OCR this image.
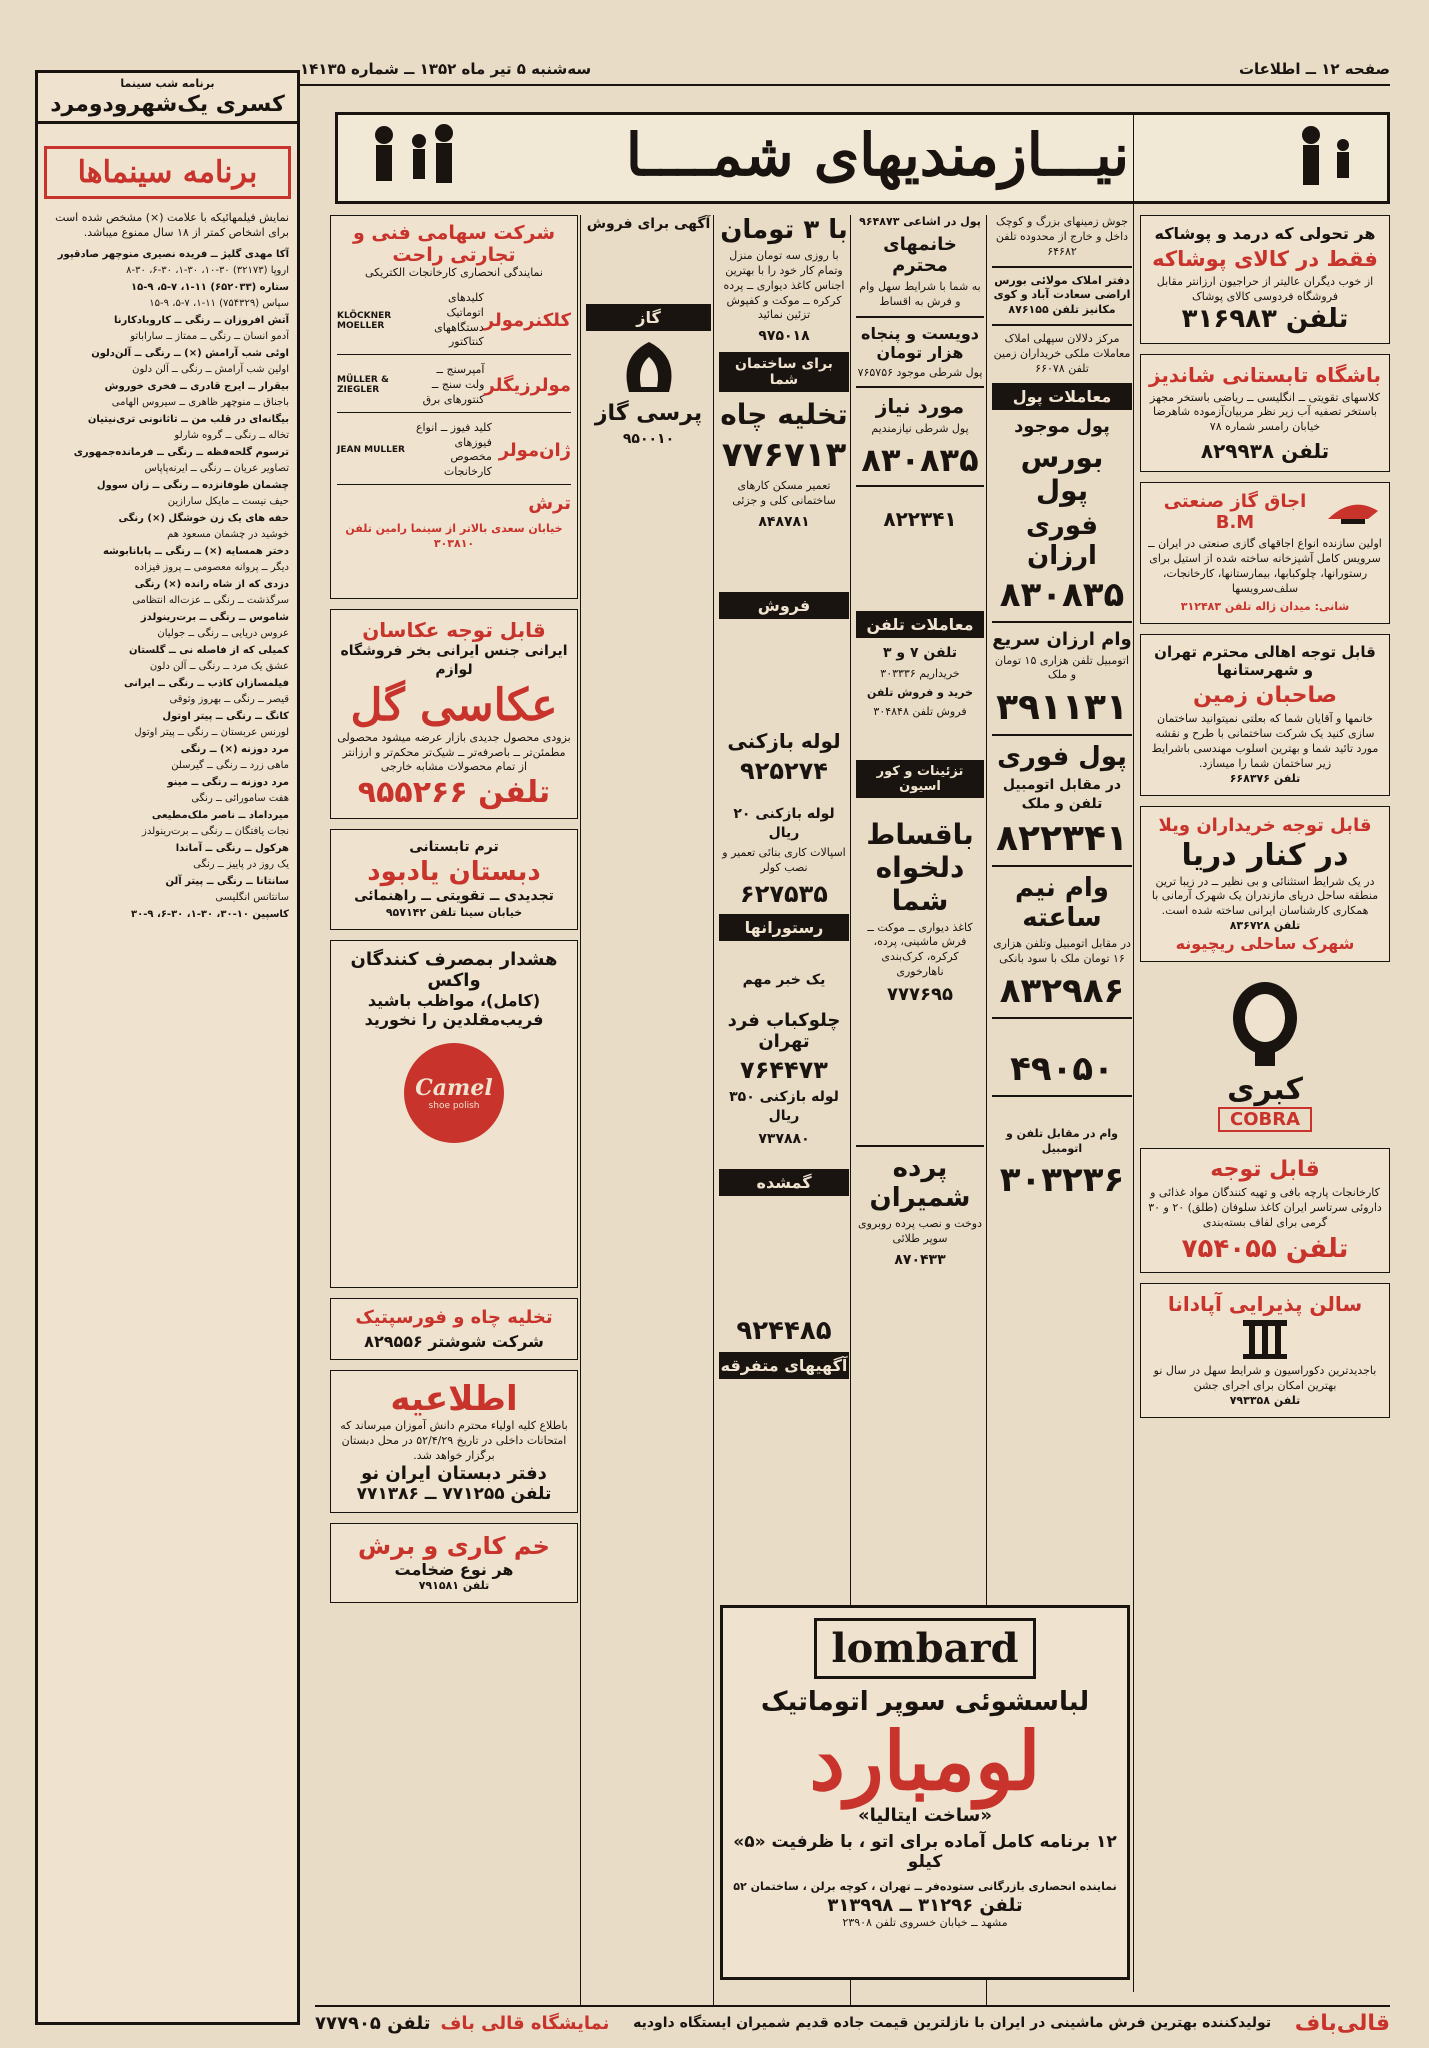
صفحه ۱۲ ــ اطلاعات
سه‌شنبه ۵ تیر ماه ۱۳۵۲ ــ شماره ۱۴۱۳۵
نیـــازمندیهای شمــــا
برنامه شب سینما
کسری یک‌شهرودومرد
برنامه سینماها
نمایش فیلمهائیکه با علامت (×) مشخص شده است برای اشخاص کمتر از ۱۸ سال ممنوع میباشد.
آکا مهدی گلپژ ــ فریده نصیری منوچهر صادقپور
اروپا (۳۲۱۷۳) ۳۰-۱۰، ۳۰-۱، ۳۰-۶، ۳۰-۸
ستاره (۶۵۲۰۳۳) ۱۱-۱، ۷-۵، ۹-۱۵
سپاس (۷۵۴۳۲۹) ۱۱-۱، ۷-۵، ۹-۱۵
آتش افروزان ــ رنگی ــ کاروبادکارنا
آدمو انسان ــ رنگی ــ ممتاز ــ ساراباتو
اوئی شب آرامش (×) ــ رنگی ــ آلن‌دلون
اولین شب آرامش ــ رنگی ــ آلن دلون
بیقرار ــ ایرج قادری ــ فخری خوروش
باجناق ــ منوچهر ظاهری ــ سیروس الهامی
بیگانه‌ای در قلب من ــ تاثانونی تری‌نیتیان
تخاله ــ رنگی ــ گروه شارلو
ترسوم گلحه‌فظه ــ رنگی ــ فرمانده‌جمهوری
تصاویر عریان ــ رنگی ــ ایرنه‌پاپاس
چشمان طوفانزده ــ رنگی ــ زان سوول
حیف نیست ــ مایکل سارازین
حفه های یک زن خوشگل (×) رنگی
خوشید در چشمان مسعود هم
دختر همسایه (×) ــ رنگی ــ پابانابوشه
دیگر ــ پروانه معصومی ــ پروز فیزاده
دزدی که از شاه رانده (×) رنگی
سرگذشت ــ رنگی ــ عزت‌اله انتظامی
شاموس ــ رنگی ــ برت‌رینولدز
عروس دریایی ــ رنگی ــ جولیان
کمیلی که از فاصله نی ــ گلستان
عشق یک مرد ــ رنگی ــ آلن دلون
فیلمسازان کاذب ــ رنگی ــ ایرانی
قیصر ــ رنگی ــ بهروز وثوقی
کانگ ــ رنگی ــ پیتر اوتول
لورنس عربستان ــ رنگی ــ پیتر اوتول
مرد دوزنه (×) ــ رنگی
ماهی زرد ــ رنگی ــ گیرسلن
مرد دوزنه ــ رنگی ــ مینو
هفت سامورائی ــ رنگی
میرداماد ــ ناصر ملک‌مطیعی
نجات یافتگان ــ رنگی ــ برت‌رینولدز
هرکول ــ رنگی ــ آماندا
یک روز در پاییز ــ رنگی
سانتانا ــ رنگی ــ پیتر آلن
سانتانس انگلیسی
کاسپین ۱۰-۳۰، ۳۰-۱، ۳۰-۶، ۹-۳۰
هر تحولی که درمد و پوشاکه
فقط در کالای پوشاکه
از خوب دیگران عالیتر از حراجیون ارزانتر مقابل فروشگاه فردوسی کالای پوشاک
تلفن ۳۱۶۹۸۳
باشگاه تابستانی شاندیز
کلاسهای تقویتی ــ انگلیسی ــ ریاضی باستخر مجهز باستخر تصفیه آب زیر نظر مربیان‌آزموده شاهرضا خیابان رامسر شماره ۷۸
تلفن ۸۲۹۹۳۸
اجاق گاز صنعتی B.M
اولین سازنده انواع اجاقهای گازی صنعتی در ایران ــ سرویس کامل آشپزخانه ساخته شده از استیل برای رستورانها، چلوکبابها، بیمارستانها، کارخانجات، سلف‌سرویسها
شانی: میدان ژاله تلفن ۳۱۲۴۸۳
قابل توجه اهالی محترم تهران و شهرستانها
صاحبان زمین
خانمها و آقایان شما که بعلتی نمیتوانید ساختمان سازی کنید یک شرکت ساختمانی با طرح و نقشه مورد تائید شما و بهترین اسلوب مهندسی باشرایط زیر ساختمان شما را میسازد.
تلفن ۶۶۸۳۷۶
قابل توجه خریداران ویلا
در کنار دریا
در یک شرایط استثنائی و بی نظیر ــ در زیبا ترین منطقه ساحل دریای مازندران یک شهرک آرمانی با همکاری کارشناسان ایرانی ساخته شده است.
تلفن ۸۳۶۷۲۸
شهرک ساحلی ریچیونه
کبری
COBRA
قابل توجه
کارخانجات پارچه بافی و تهیه کنندگان مواد غذائی و داروئی سرتاسر ایران کاغذ سلوفان (طلق) ۲۰ و ۳۰ گرمی برای لفاف بسته‌بندی
تلفن ۷۵۴۰۵۵
سالن پذیرایی آپادانا
باجدیدترین دکوراسیون و شرایط سهل در سال نو بهترین امکان برای اجرای جشن
تلفن ۷۹۳۳۵۸

جوش زمینهای بزرگ و کوچک داخل و خارج از محدوده تلفن ۶۴۶۸۲

دفتر املاک مولائی بورس اراضی سعادت آباد و کوی مکانیز تلفن ۸۷۶۱۵۵

مرکز دلالان سپهلی املاک معاملات ملکی خریداران زمین تلفن ۶۶۰۷۸

معاملات پول

پول موجود

بورس پول

فوری ارزان

۸۳۰۸۳۵

وام ارزان سریع

اتومبیل تلفن هزاری ۱۵ تومان و ملک

۳۹۱۱۳۱

پول فوری

در مقابل اتومبیل تلفن و ملک

۸۲۲۳۴۱

وام نیم ساعته

در مقابل اتومبیل وتلفن هزاری ۱۶ تومان ملک با سود بانکی

۸۳۲۹۸۶

۴۹۰۵۰

وام در مقابل تلفن و اتومبیل

۳۰۳۲۳۶

پول در اشاعی ۹۶۴۸۷۳

خانمهای محترم

به شما با شرایط سهل وام و فرش به اقساط

دویست و پنجاه هزار تومان

پول شرطی موجود ۷۶۵۷۵۶

مورد نیاز

پول شرطی نیازمندیم

۸۳۰۸۳۵

۸۲۲۳۴۱

معاملات تلفن

تلفن ۷ و ۳

خریداریم ۳۰۳۳۳۶

خرید و فروش تلفن

فروش تلفن ۳۰۴۸۴۸

تزئینات و کور اسیون

باقساط دلخواه شما

کاغذ دیواری ــ موکت ــ فرش ماشینی، پرده، کرکره، کرک‌بندی ناهارخوری

۷۷۷۶۹۵

پرده شمیران

دوخت و نصب پرده روبروی سوپر طلائی

۸۷۰۴۳۳

با ۳ تومان

با روزی سه تومان منزل وتمام کار خود را با بهترین اجناس کاغذ دیواری ــ پرده کرکره ــ موکت و کفپوش تزئین نمائید

۹۷۵۰۱۸

برای ساختمان شما

تخلیه چاه

۷۷۶۷۱۳

تعمیر مسکن کارهای ساختمانی کلی و جزئی

۸۴۸۷۸۱

فروش

لوله بازکنی

۹۲۵۲۷۴

لوله بازکنی ۲۰ ریال

اسپالات کاری بنائی تعمیر و نصب کولر

۶۲۷۵۳۵

رستورانها

یک خبر مهم

چلوکباب فرد تهران

۷۶۴۴۷۳

لوله بازکنی ۳۵۰ ریال

۷۳۷۸۸۰

گمشده

۹۲۴۴۸۵

آگهیهای متفرقه
شرکت سهامی فنی و تجارتی راحت
نمایندگی انحصاری کارخانجات الکتریکی
کلکنرمولر
کلیدهای اتوماتیک دستگاههای کنتاکتور
KLÖCKNER MOELLER
مولرزیگلر
آمپرسنج ــ ولت سنج ــ کنتورهای برق
MÜLLER & ZIEGLER
ژان‌مولر
کلید فیوز ــ انواع فیوزهای مخصوص کارخانجات
JEAN MULLER
ترش
خیابان سعدی بالاتر از سینما رامین تلفن ۳۰۳۸۱۰
قابل توجه عکاسان
ایرانی جنس ایرانی بخر فروشگاه لوازم
عکاسی گل
بزودی محصول جدیدی بازار عرضه میشود محصولی مطمئن‌تر ــ باصرفه‌تر ــ شیک‌تر محکم‌تر و ارزانتر از تمام محصولات مشابه خارجی
تلفن ۹۵۵۲۶۶
ترم تابستانی
دبستان یادبود
تجدیدی ــ تقویتی ــ راهنمائی
خیابان سینا تلفن ۹۵۷۱۴۲
هشدار بمصرف کنندگان واکس
(کامل)، مواظب باشید فریب‌مقلدین را نخورید
Camel
shoe polish
تخلیه چاه و فورسپتیک
شرکت شوشتر ۸۲۹۵۵۶
اطلاعیه
باطلاع کلیه اولیاء محترم دانش آموزان میرساند که امتحانات داخلی در تاریخ ۵۲/۴/۲۹ در محل دبستان برگزار خواهد شد.
دفتر دبستان ایران نو
تلفن ۷۷۱۲۵۵ ــ ۷۷۱۳۸۶
خم کاری و برش
هر نوع ضخامت
تلفن ۷۹۱۵۸۱

آگهی برای فروش

گاز

پرسی گاز

۹۵۰۰۱۰

lombard
لباسشوئی سوپر اتوماتیک
لومبارد
«ساخت ایتالیا»
۱۲ برنامه کامل آماده برای اتو ، با ظرفیت «۵» کیلو
نماینده انحصاری بازرگانی ستوده‌فر ــ تهران ، کوچه برلن ، ساختمان ۵۲
تلفن ۳۱۲۹۶ ــ ۳۱۳۹۹۸
مشهد ــ خیابان خسروی تلفن ۲۳۹۰۸
قالی‌باف
تولیدکننده بهترین فرش ماشینی در ایران با نازلترین قیمت جاده قدیم شمیران ایستگاه داودیه
نمایشگاه قالی باف
تلفن ۷۷۷۹۰۵
